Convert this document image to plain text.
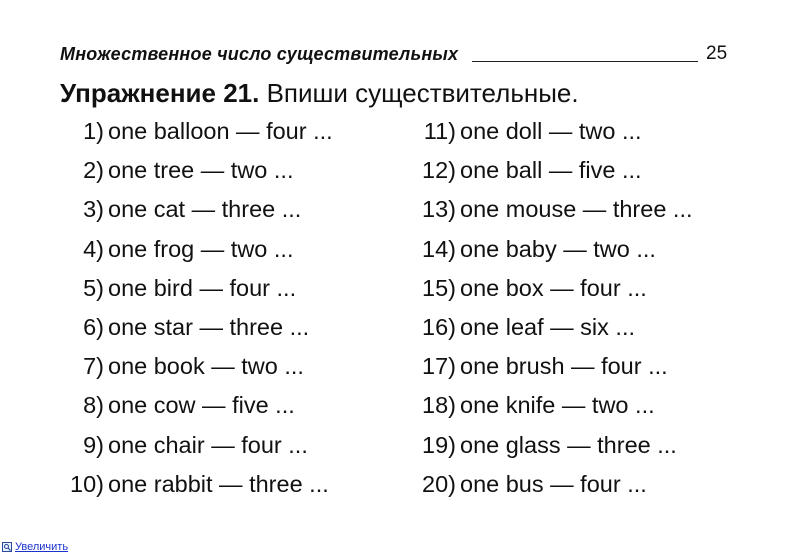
Множественное число существительных	25
Упражнение 21. Впиши существительные.
1) one balloon — four ...
2) one tree — two ...
3) one cat — three ...
4) one frog — two ...
5) one bird — four ...
6) one star — three ...
7) one book — two ...
8) one cow — five ...
9) one chair — four ...
10) one rabbit — three ...
11) one doll — two ...
12) one ball — five ...
13) one mouse — three ...
14) one baby — two ...
15) one box — four ...
16) one leaf — six ...
17) one brush — four ...
18) one knife — two ...
19) one glass — three ...
20) one bus — four ...
Увеличить
